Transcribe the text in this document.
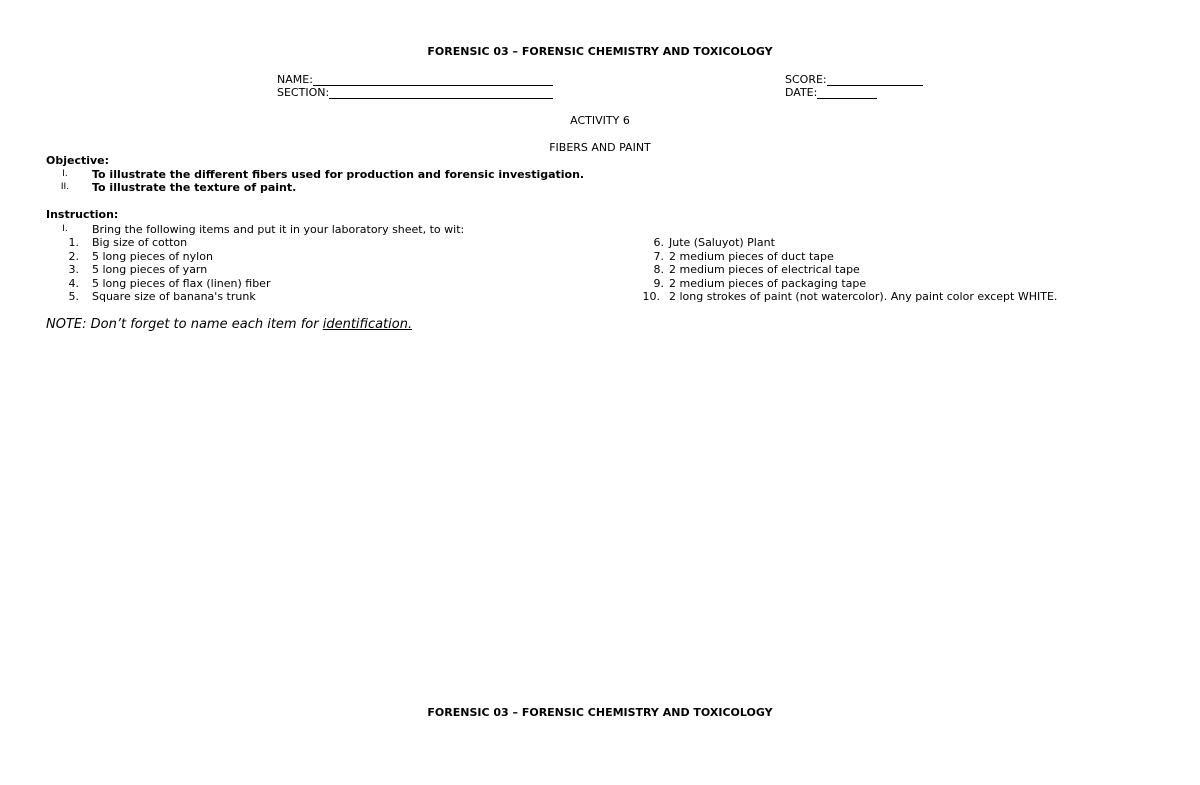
FORENSIC 03 – FORENSIC CHEMISTRY AND TOXICOLOGY
NAME:
SECTION:
SCORE:
DATE:
ACTIVITY 6
FIBERS AND PAINT
Objective:
I.	To illustrate the different fibers used for production and forensic investigation.
II.	To illustrate the texture of paint.
Instruction:
I.	Bring the following items and put it in your laboratory sheet, to wit:
1. Big size of cotton
2. 5 long pieces of nylon
3. 5 long pieces of yarn
4. 5 long pieces of flax (linen) fiber
5. Square size of banana's trunk
6. Jute (Saluyot) Plant
7. 2 medium pieces of duct tape
8. 2 medium pieces of electrical tape
9. 2 medium pieces of packaging tape
10. 2 long strokes of paint (not watercolor). Any paint color except WHITE.
NOTE: Don’t forget to name each item for identification.
FORENSIC 03 – FORENSIC CHEMISTRY AND TOXICOLOGY
